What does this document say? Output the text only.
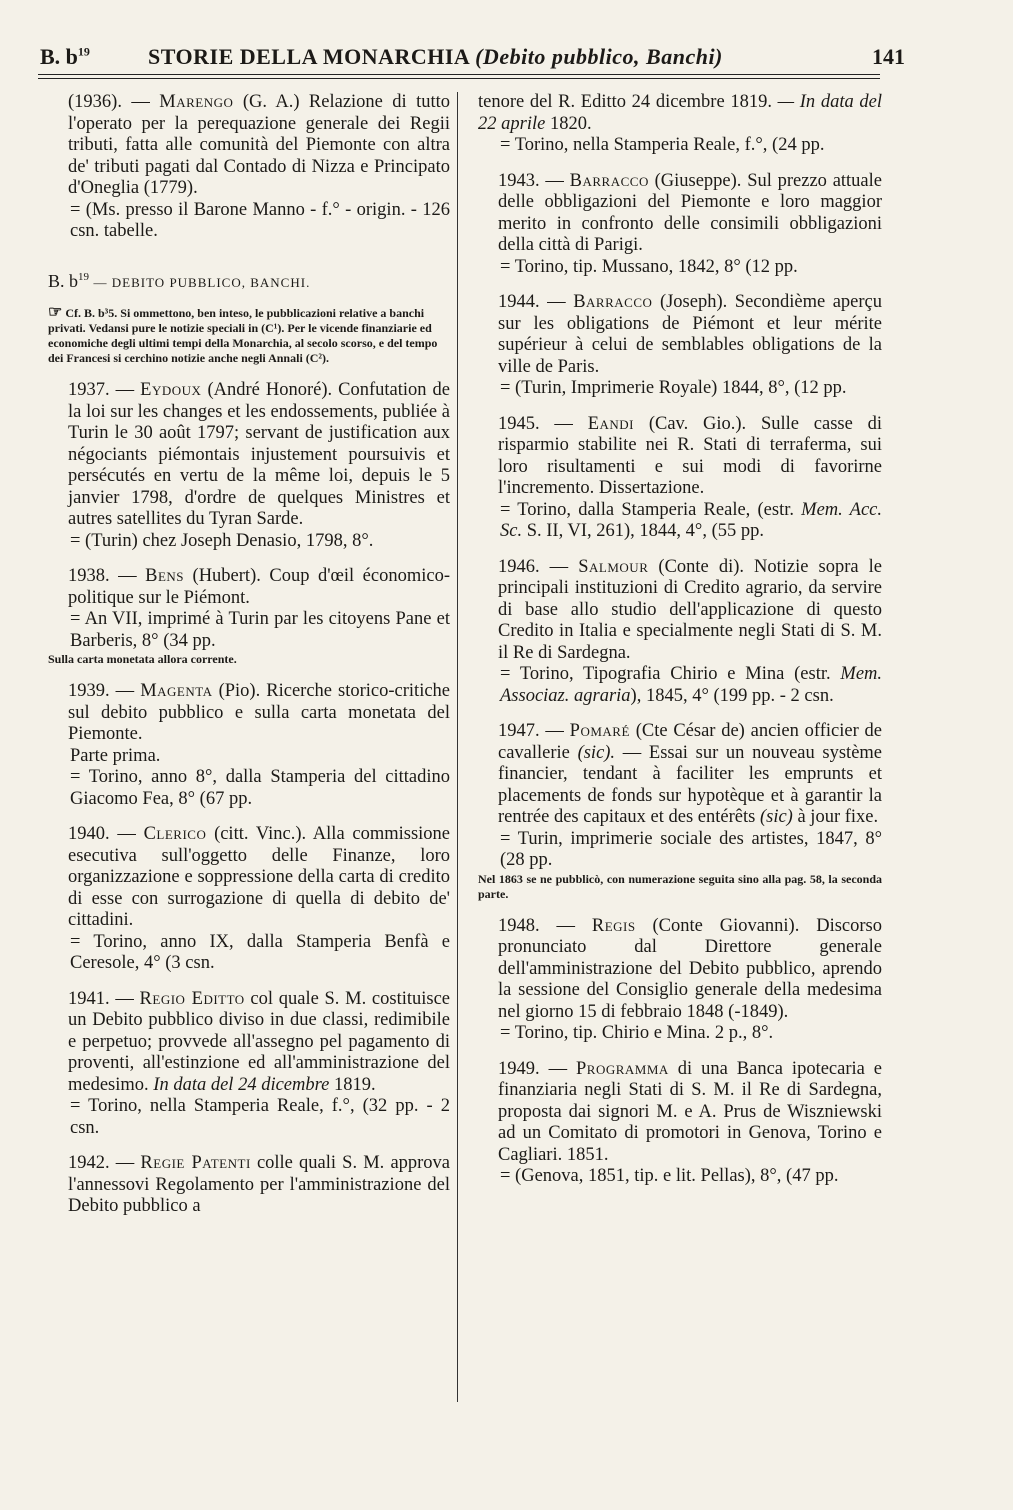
B. $b^{19}$	STORIE DELLA MONARCHIA (Debito pubblico, Banchi)	141

(1936). — Marengo (G. A.) Relazione di tutto l'operato per la perequazione generale dei Regii tributi, fatta alle comunità del Piemonte con altra de' tributi pagati dal Contado di Nizza e Principato d'Oneglia (1779).

= (Ms. presso il Barone Manno - f.° - origin. - 126 csn. tabelle.

B. $b^{19}$ — DEBITO PUBBLICO, BANCHI.

☞ Cf. B. b³5. Si ommettono, ben inteso, le pubblicazioni relative a banchi privati. Vedansi pure le notizie speciali in (C¹). Per le vicende finanziarie ed economiche degli ultimi tempi della Monarchia, al secolo scorso, e del tempo dei Francesi si cerchino notizie anche negli Annali (C²).

1937. — Eydoux (André Honoré). Confutation de la loi sur les changes et les endossements, publiée à Turin le 30 août 1797; servant de justification aux négociants piémontais injustement poursuivis et persécutés en vertu de la même loi, depuis le 5 janvier 1798, d'ordre de quelques Ministres et autres satellites du Tyran Sarde.

= (Turin) chez Joseph Denasio, 1798, 8°.

1938. — Bens (Hubert). Coup d'œil économico-politique sur le Piémont.

= An VII, imprimé à Turin par les citoyens Pane et Barberis, 8° (34 pp.

Sulla carta monetata allora corrente.

1939. — Magenta (Pio). Ricerche storico-critiche sul debito pubblico e sulla carta monetata del Piemonte.

Parte prima.

= Torino, anno 8°, dalla Stamperia del cittadino Giacomo Fea, 8° (67 pp.

1940. — Clerico (citt. Vinc.). Alla commissione esecutiva sull'oggetto delle Finanze, loro organizzazione e soppressione della carta di credito di esse con surrogazione di quella di debito de' cittadini.

= Torino, anno IX, dalla Stamperia Benfà e Ceresole, 4° (3 csn.

1941. — Regio Editto col quale S. M. costituisce un Debito pubblico diviso in due classi, redimibile e perpetuo; provvede all'assegno pel pagamento di proventi, all'estinzione ed all'amministrazione del medesimo. In data del 24 dicembre 1819.

= Torino, nella Stamperia Reale, f.°, (32 pp. - 2 csn.

1942. — Regie Patenti colle quali S. M. approva l'annessovi Regolamento per l'amministrazione del Debito pubblico a

tenore del R. Editto 24 dicembre 1819. — In data del 22 aprile 1820.

= Torino, nella Stamperia Reale, f.°, (24 pp.

1943. — Barracco (Giuseppe). Sul prezzo attuale delle obbligazioni del Piemonte e loro maggior merito in confronto delle consimili obbligazioni della città di Parigi.

= Torino, tip. Mussano, 1842, 8° (12 pp.

1944. — Barracco (Joseph). Secondième aperçu sur les obligations de Piémont et leur mérite supérieur à celui de semblables obligations de la ville de Paris.

= (Turin, Imprimerie Royale) 1844, 8°, (12 pp.

1945. — Eandi (Cav. Gio.). Sulle casse di risparmio stabilite nei R. Stati di terraferma, sui loro risultamenti e sui modi di favorirne l'incremento. Dissertazione.

= Torino, dalla Stamperia Reale, (estr. Mem. Acc. Sc. S. II, VI, 261), 1844, 4°, (55 pp.

1946. — Salmour (Conte di). Notizie sopra le principali instituzioni di Credito agrario, da servire di base allo studio dell'applicazione di questo Credito in Italia e specialmente negli Stati di S. M. il Re di Sardegna.

= Torino, Tipografia Chirio e Mina (estr. Mem. Associaz. agraria), 1845, 4° (199 pp. - 2 csn.

1947. — Pomaré (Cte César de) ancien officier de cavallerie (sic). — Essai sur un nouveau système financier, tendant à faciliter les emprunts et placements de fonds sur hypotèque et à garantir la rentrée des capitaux et des entérêts (sic) à jour fixe.

= Turin, imprimerie sociale des artistes, 1847, 8° (28 pp.

Nel 1863 se ne pubblicò, con numerazione seguita sino alla pag. 58, la seconda parte.

1948. — Regis (Conte Giovanni). Discorso pronunciato dal Direttore generale dell'amministrazione del Debito pubblico, aprendo la sessione del Consiglio generale della medesima nel giorno 15 di febbraio 1848 (-1849).

= Torino, tip. Chirio e Mina. 2 p., 8°.

1949. — Programma di una Banca ipotecaria e finanziaria negli Stati di S. M. il Re di Sardegna, proposta dai signori M. e A. Prus de Wiszniewski ad un Comitato di promotori in Genova, Torino e Cagliari. 1851.

= (Genova, 1851, tip. e lit. Pellas), 8°, (47 pp.
